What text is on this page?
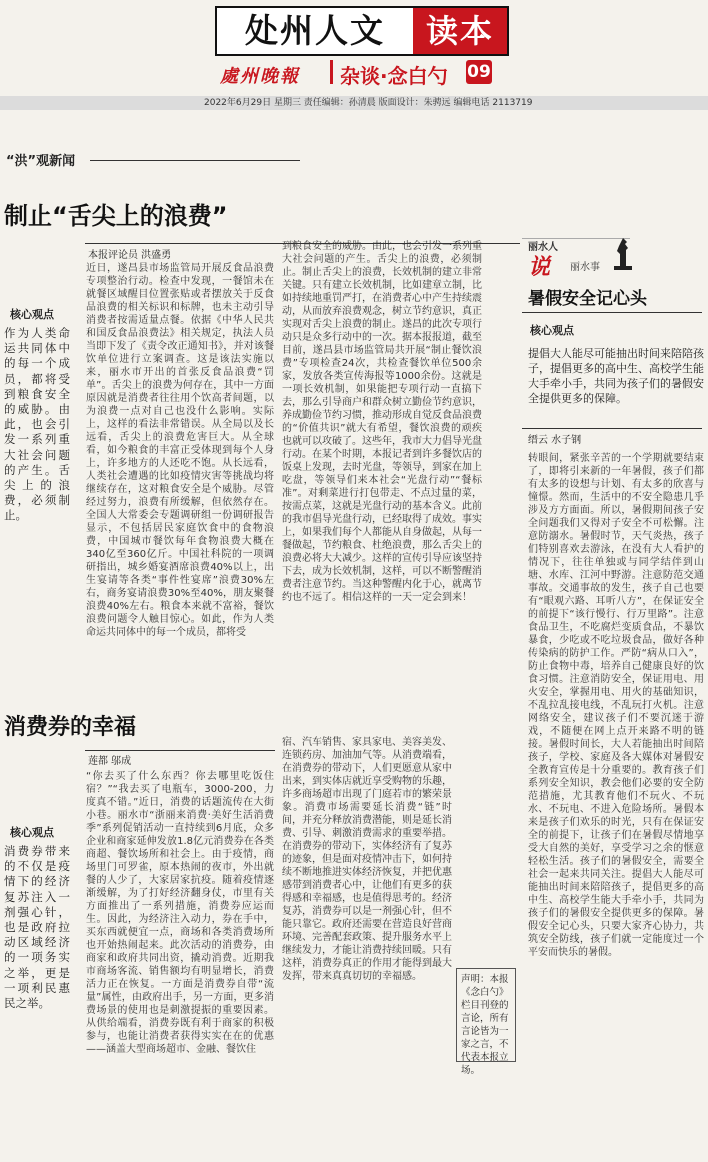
处州人文	读本
處州晚報 杂谈·念白勺 09
2022年6月29日 星期三 责任编辑：孙清晨 版面设计：朱骋远 编辑电话 2113719
“洪”观新闻
制止“舌尖上的浪费”
本报评论员 洪盛勇
核心观点
作为人类命运共同体中的每一个成员，都将受到粮食安全的威胁。由此，也会引发一系列重大社会问题的产生。舌尖上的浪费，必须制止。
近日，遂昌县市场监管局开展反食品浪费专项整治行动。检查中发现，一餐馆未在就餐区域醒目位置张贴或者摆放关于反食品浪费的相关标识和标牌，也未主动引导消费者按需适量点餐。依据《中华人民共和国反食品浪费法》相关规定，执法人员当即下发了《责令改正通知书》，并对该餐饮单位进行立案调查。这是该法实施以来，丽水市开出的首张反食品浪费“罚单”。舌尖上的浪费为何存在，其中一方面原因就是消费者往往用个饮高者间题，以为浪费一点对自己也没什么影响。实际上，这样的看法非常错误。从全局以及长远看，舌尖上的浪费危害巨大。从全球看，如今粮食的丰富正受体现到每个人身上，许多地方的人还吃不饱。从长远看，人类社会遭遇的比如疫情灾害等挑战均将继续存在，这对粮食安全是个威胁。尽管经过努力，浪费有所缓解，但依然存在。全国人大常委会专题调研组一份调研报告显示，不包括居民家庭饮食中的食物浪费，中国城市餐饮每年食物浪费大概在340亿至360亿斤。中国社科院的一项调研指出，城乡婚宴酒席浪费40%以上，出生宴请等各类“事件性宴席”浪费30%左右，商务宴请浪费30%至40%，朋友聚餐浪费40%左右。粮食本来就不富裕，餐饮浪费问题令人触目惊心。如此，作为人类命运共同体中的每一个成员，都将受
到粮食安全的威胁。由此，也会引发一系列重大社会问题的产生。舌尖上的浪费，必须制止。制止舌尖上的浪费，长效机制的建立非常关键。只有建立长效机制，比如建章立制，比如持续地重罚严打，在消费者心中产生持续震动，从而放弃浪费观念，树立节约意识，真正实现对舌尖上浪费的制止。遂昌的此次专项行动只是众多行动中的一次。据本报报道，截至目前，遂昌县市场监管局共开展“制止餐饮浪费”专项检查24次，共检查餐饮单位500余家，发放各类宣传海报等1000余份。这就是一项长效机制，如果能把专项行动一直搞下去，那么引导商户和群众树立勤俭节约意识，养成勤俭节约习惯，推动形成自觉反食品浪费的“价值共识”就大有希望，餐饮浪费的顽疾也就可以攻破了。这些年，我市大力倡导光盘行动。在某个时期，本报记者到许多餐饮店的饭桌上发现，去时光盘，等领导，到家在加上吃盘，等领导们来本社会“光盘行动”“餐标准”。对剩菜进行打包带走、不点过量的菜，按需点菜，这就是光盘行动的基本含义。此前的我市倡导光盘行动，已经取得了成效。事实上，如果我们每个人都能从自身做起，从每一餐做起，节约粮食、杜绝浪费，那么舌尖上的浪费必将大大减少。这样的宣传引导应该坚持下去，成为长效机制，这样，可以不断警醒消费者注意节约。当这种警醒内化于心，就离节约也不远了。相信这样的一天一定会到来！
消费券的幸福
莲都 邬成
核心观点
消费券带来的不仅是疫情下的经济复苏注入一剂强心针，也是政府拉动区域经济的一项务实之举，更是一项利民惠民之举。
“你去买了什么东西？你去哪里吃饭住宿？”“我去买了电瓶车，3000-200，力度真不错。”近日，消费的话题流传在大街小巷。丽水市“浙丽来消费·美好生活消费季”系列促销活动一直持续到6月底，众多企业和商家延伸发放1.8亿元消费券在各类商超、餐饮场所和社会上。由于疫情，商场里门可罗雀，原本热闹的夜市，外出就餐的人少了，大家居家抗疫。随着疫情逐渐缓解，为了打好经济翻身仗，市里有关方面推出了一系列措施，消费券应运而生。因此，为经济注入动力，券在手中，买东西就便宜一点，商场和各类消费场所也开始热闹起来。此次活动的消费券，由商家和政府共同出资，撬动消费。近期我市商场客流、销售额均有明显增长，消费活力正在恢复。一方面是消费券自带“流量”属性，由政府出手，另一方面，更多消费场景的使用也是刺激提振的重要因素。从供给端看，消费券既有利于商家的积极参与，也能让消费者获得实实在在的优惠——涵盖大型商场超市、金融、餐饮住
宿、汽车销售、家具家电、美容美发、连锁药房、加油加气等。从消费端看，在消费券的带动下，人们更愿意从家中出来，到实体店就近享受购物的乐趣，许多商场超市出现了门庭若市的繁荣景象。消费市场需要延长消费“链”时间，并充分释放消费潜能，则是延长消费、引导、刺激消费需求的重要举措。在消费券的带动下，实体经济有了复苏的迹象，但是面对疫情冲击下，如何持续不断地推进实体经济恢复，并把优惠感带到消费者心中，让他们有更多的获得感和幸福感，也是值得思考的。经济复苏，消费券可以是一剂强心针，但不能只靠它。政府还需要在营造良好营商环境、完善配套政策、提升服务水平上继续发力，才能让消费持续回暖。只有这样，消费券真正的作用才能得到最大发挥，带来真真切切的幸福感。	声明：本报《念白勺》栏目刊登的言论，所有言论皆为一家之言，不代表本报立场。
丽水人
说 丽水事
暑假安全记心头
核心观点
提倡大人能尽可能抽出时间来陪陪孩子，提倡更多的高中生、高校学生能大手牵小手，共同为孩子们的暑假安全提供更多的保障。
缙云 水子钢
转眼间，紧张辛苦的一个学期就要结束了，即将引来新的一年暑假，孩子们都有太多的设想与计划、有太多的欣喜与憧憬。然而，生活中的不安全隐患几乎涉及方方面面。所以，暑假期间孩子安全问题我们又得对子安全不可松懈。注意防溺水。暑假时节，天气炎热，孩子们特别喜欢去游泳，在没有大人看护的情况下，往往单独或与同学结伴到山塘、水库、江河中野游。注意防范交通事故。交通事故的发生，孩子自己也要有“眼观六路、耳听八方”，在保证安全的前提下“该行慢行、行万里路”。注意食品卫生，不吃腐烂变质食品，不暴饮暴食，少吃或不吃垃圾食品，做好各种传染病的防护工作。严防“病从口入”，防止食物中毒，培养自己健康良好的饮食习惯。注意消防安全，保证用电、用火安全，掌握用电、用火的基础知识，不乱拉乱接电线，不乱玩打火机。注意网络安全，建议孩子们不要沉迷于游戏，不随便在网上点开来路不明的链接。暑假时间长，大人若能抽出时间陪孩子，学校、家庭及各大媒体对暑假安全教育宣传是十分重要的。教育孩子们系列安全知识，教会他们必要的安全防范措施，尤其教育他们不玩火、不玩水、不玩电、不进入危险场所。暑假本来是孩子们欢乐的时光，只有在保证安全的前提下，让孩子们在暑假尽情地享受大自然的美好，享受学习之余的惬意轻松生活。孩子们的暑假安全，需要全社会一起来共同关注。提倡大人能尽可能抽出时间来陪陪孩子，提倡更多的高中生、高校学生能大手牵小手，共同为孩子们的暑假安全提供更多的保障。暑假安全记心头，只要大家齐心协力，共筑安全防线，孩子们就一定能度过一个平安而快乐的暑假。
